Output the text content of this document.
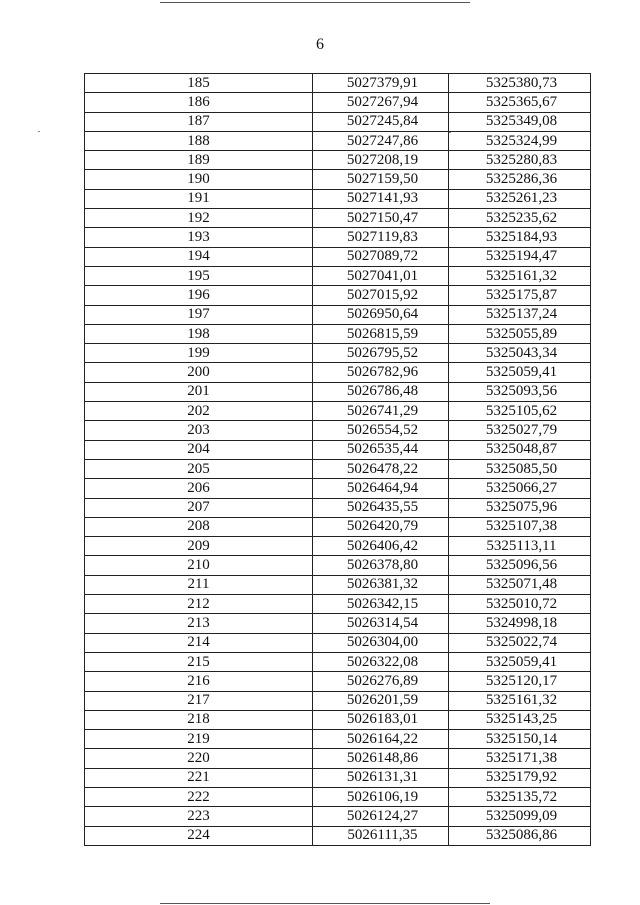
6
185	5027379,91	5325380,73
186	5027267,94	5325365,67
187	5027245,84	5325349,08
188	5027247,86	5325324,99
189	5027208,19	5325280,83
190	5027159,50	5325286,36
191	5027141,93	5325261,23
192	5027150,47	5325235,62
193	5027119,83	5325184,93
194	5027089,72	5325194,47
195	5027041,01	5325161,32
196	5027015,92	5325175,87
197	5026950,64	5325137,24
198	5026815,59	5325055,89
199	5026795,52	5325043,34
200	5026782,96	5325059,41
201	5026786,48	5325093,56
202	5026741,29	5325105,62
203	5026554,52	5325027,79
204	5026535,44	5325048,87
205	5026478,22	5325085,50
206	5026464,94	5325066,27
207	5026435,55	5325075,96
208	5026420,79	5325107,38
209	5026406,42	5325113,11
210	5026378,80	5325096,56
211	5026381,32	5325071,48
212	5026342,15	5325010,72
213	5026314,54	5324998,18
214	5026304,00	5325022,74
215	5026322,08	5325059,41
216	5026276,89	5325120,17
217	5026201,59	5325161,32
218	5026183,01	5325143,25
219	5026164,22	5325150,14
220	5026148,86	5325171,38
221	5026131,31	5325179,92
222	5026106,19	5325135,72
223	5026124,27	5325099,09
224	5026111,35	5325086,86
